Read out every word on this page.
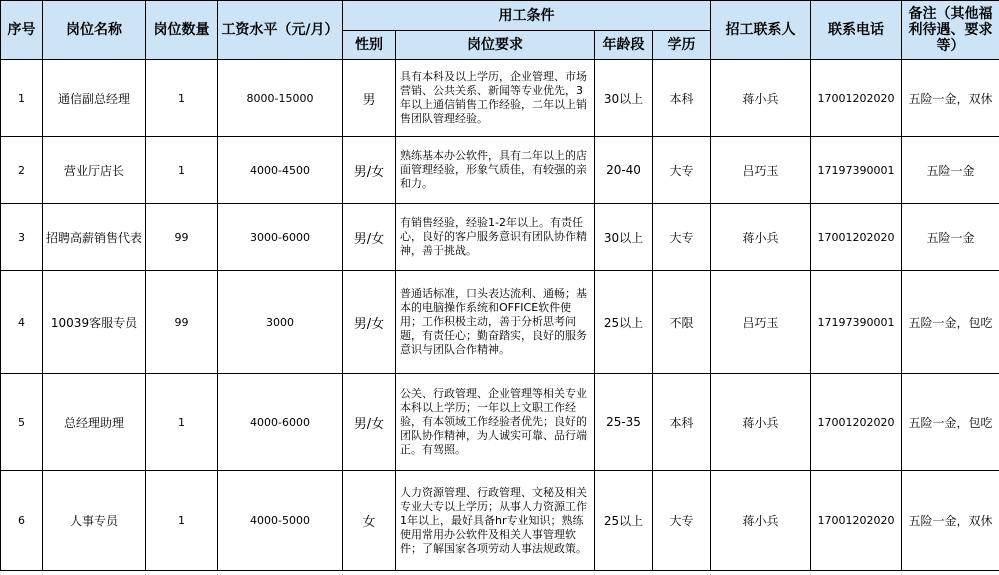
序号	岗位名称	岗位数量	工资水平（元/月）	用工条件				招工联系人	联系电话	备注（其他福利待遇、要求等）
				性别	岗位要求	年龄段	学历			
1	通信副总经理	1	8000-15000	男	具有本科及以上学历，企业管理、市场营销、公共关系、新闻等专业优先，3年以上通信销售工作经验，二年以上销售团队管理经验。	30以上	本科	蒋小兵	17001202020	五险一金，双休
2	营业厅店长	1	4000-4500	男/女	熟练基本办公软件，具有二年以上的店面管理经验，形象气质佳，有较强的亲和力。	20-40	大专	吕巧玉	17197390001	五险一金
3	招聘高薪销售代表	99	3000-6000	男/女	有销售经验，经验1-2年以上。有责任心，良好的客户服务意识有团队协作精神，善于挑战。	30以上	大专	蒋小兵	17001202020	五险一金
4	10039客服专员	99	3000	男/女	普通话标准，口头表达流利、通畅；基本的电脑操作系统和OFFICE软件使用；工作积极主动，善于分析思考问题，有责任心；勤奋踏实，良好的服务意识与团队合作精神。	25以上	不限	吕巧玉	17197390001	五险一金，包吃
5	总经理助理	1	4000-6000	男/女	公关、行政管理、企业管理等相关专业本科以上学历；一年以上文职工作经验，有本领域工作经验者优先；良好的团队协作精神，为人诚实可靠、品行端正。有驾照。	25-35	本科	蒋小兵	17001202020	五险一金，包吃
6	人事专员	1	4000-5000	女	人力资源管理、行政管理、文秘及相关专业大专以上学历；从事人力资源工作1年以上，最好具备hr专业知识；熟练使用常用办公软件及相关人事管理软件；了解国家各项劳动人事法规政策。	25以上	大专	蒋小兵	17001202020	五险一金，双休
